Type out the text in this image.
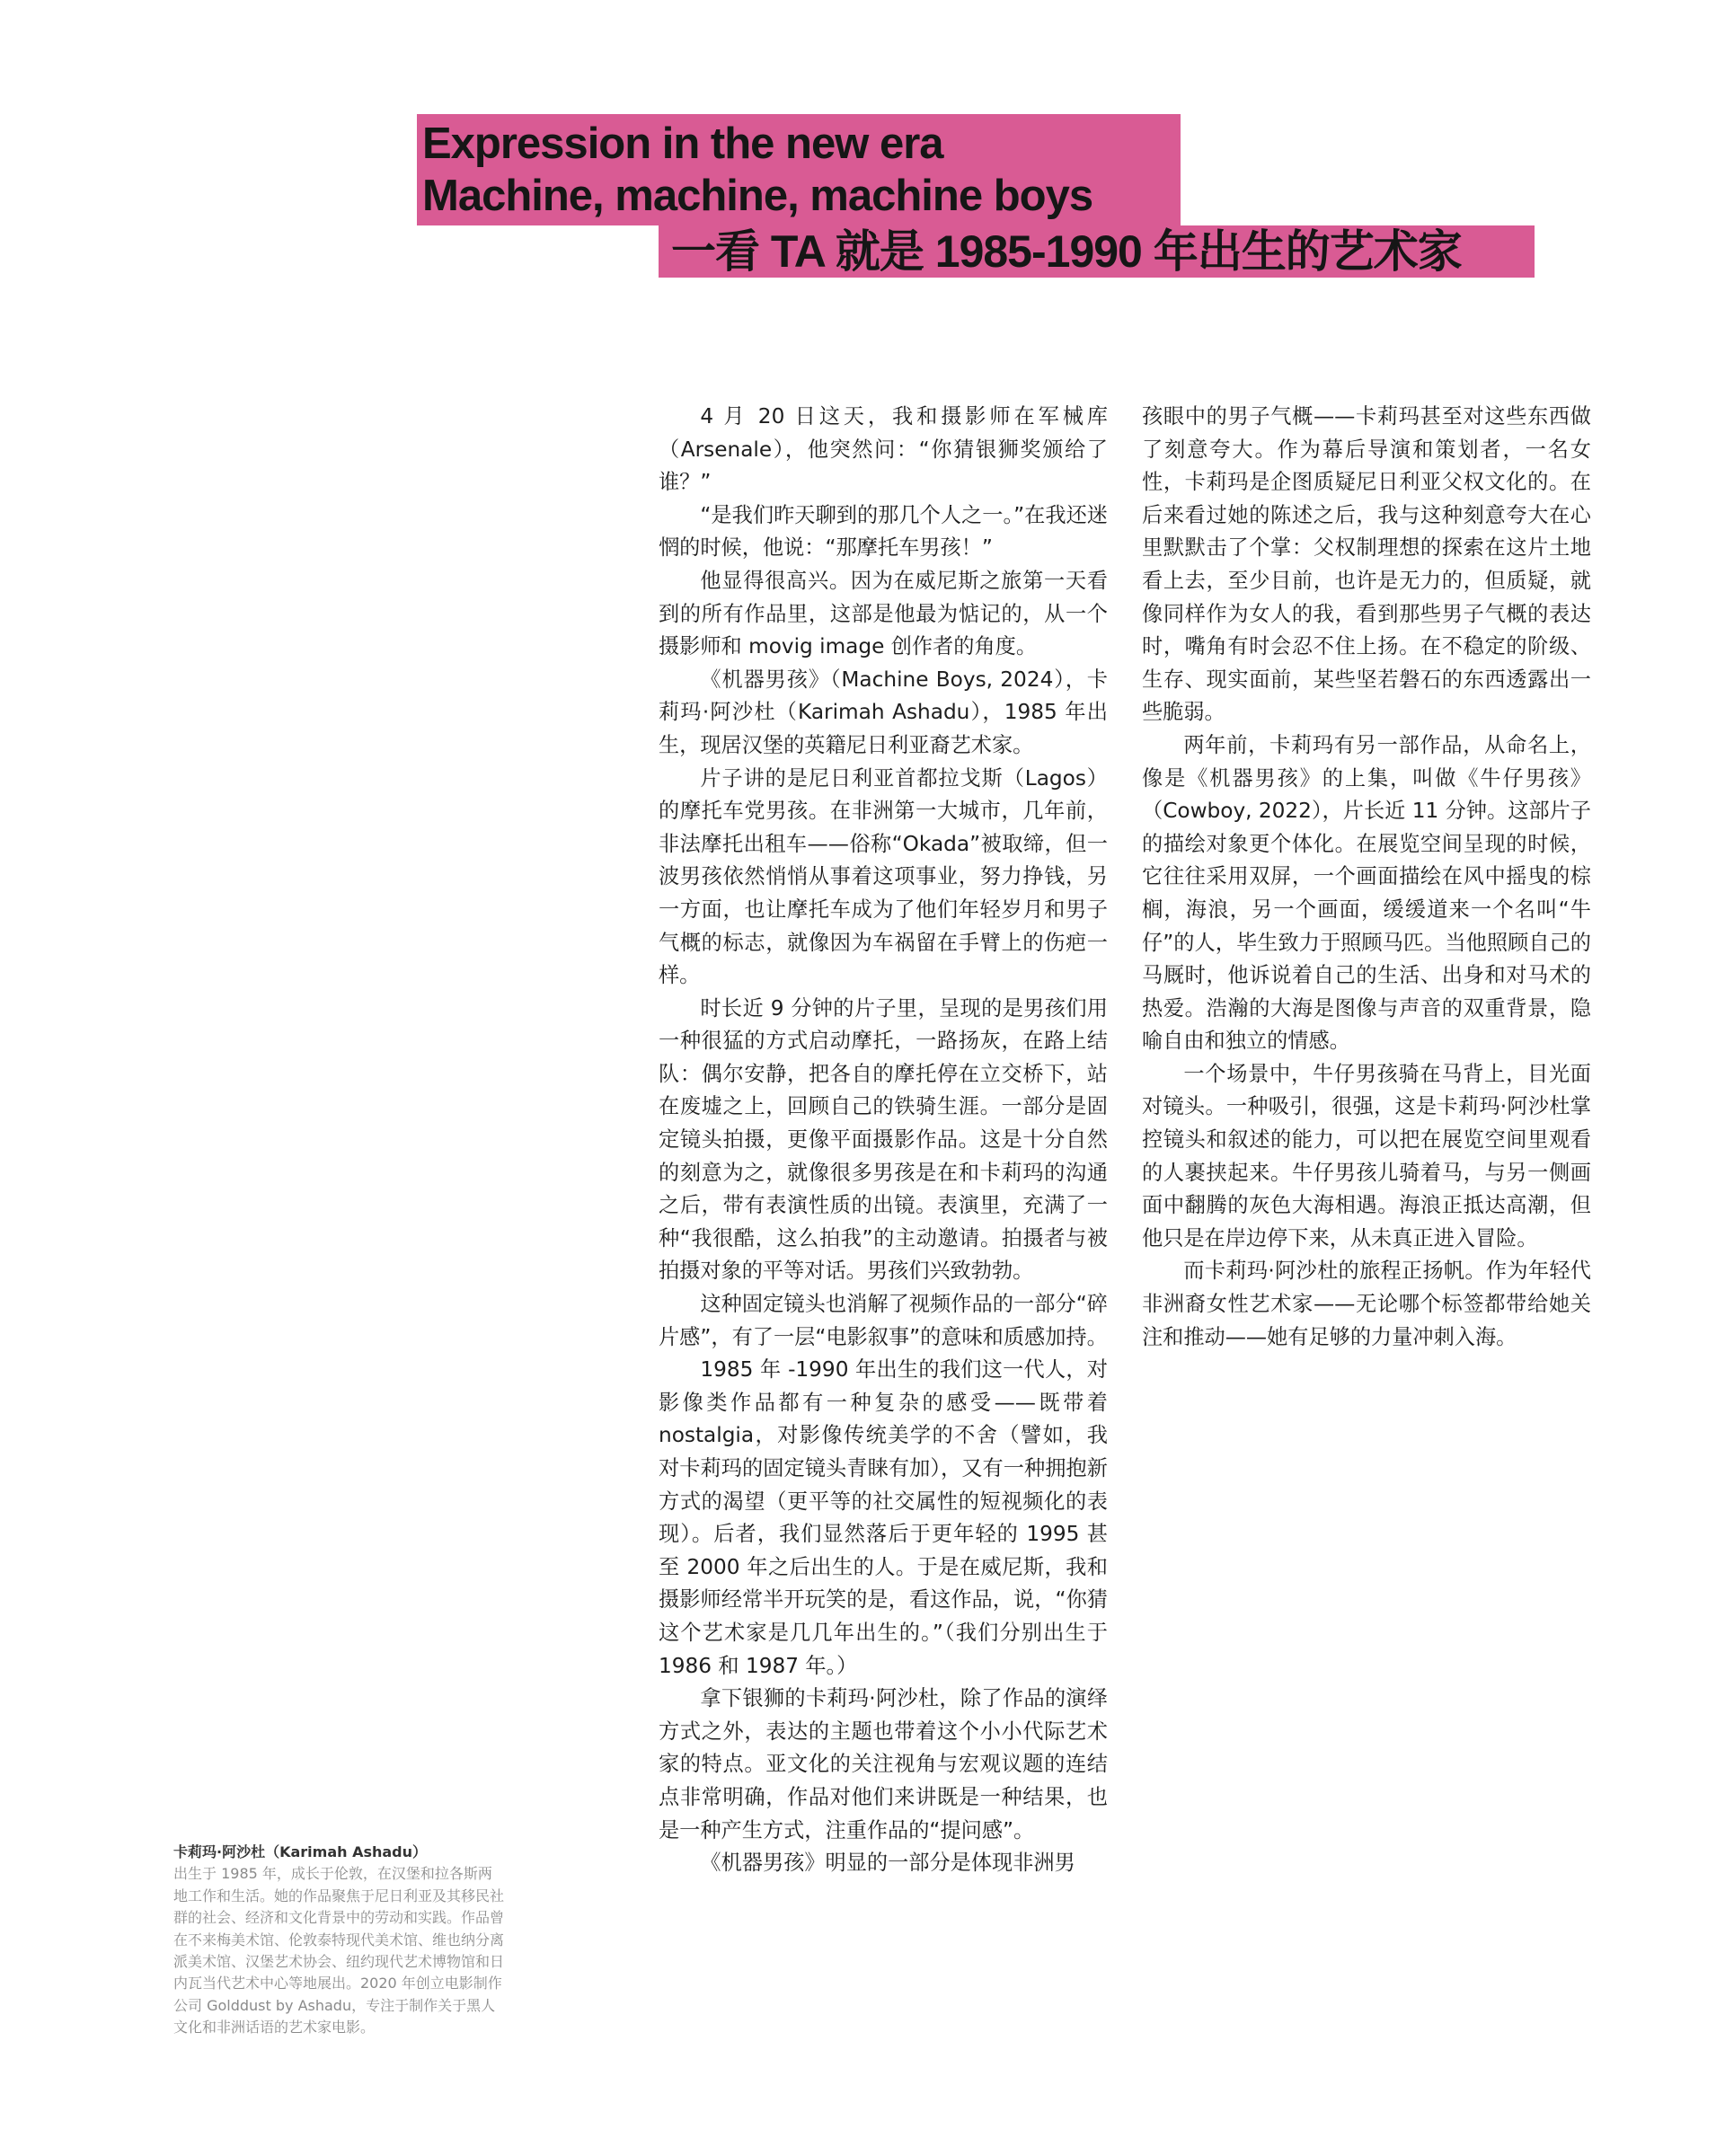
Expression in the new era
Machine, machine, machine boys
一看 TA 就是 1985-1990 年出生的艺术家

4 月 20 日这天，我和摄影师在军械库（Arsenale），他突然问：“你猜银狮奖颁给了谁？”

“是我们昨天聊到的那几个人之一。”在我还迷惘的时候，他说：“那摩托车男孩！”

他显得很高兴。因为在威尼斯之旅第一天看到的所有作品里，这部是他最为惦记的，从一个摄影师和 movig image 创作者的角度。

《机器男孩》（Machine Boys, 2024），卡莉玛·阿沙杜（Karimah Ashadu），1985 年出生，现居汉堡的英籍尼日利亚裔艺术家。

片子讲的是尼日利亚首都拉戈斯（Lagos）的摩托车党男孩。在非洲第一大城市，几年前，非法摩托出租车——俗称“Okada”被取缔，但一波男孩依然悄悄从事着这项事业，努力挣钱，另一方面，也让摩托车成为了他们年轻岁月和男子气概的标志，就像因为车祸留在手臂上的伤疤一样。

时长近 9 分钟的片子里，呈现的是男孩们用一种很猛的方式启动摩托，一路扬灰，在路上结队：偶尔安静，把各自的摩托停在立交桥下，站在废墟之上，回顾自己的铁骑生涯。一部分是固定镜头拍摄，更像平面摄影作品。这是十分自然的刻意为之，就像很多男孩是在和卡莉玛的沟通之后，带有表演性质的出镜。表演里，充满了一种“我很酷，这么拍我”的主动邀请。拍摄者与被拍摄对象的平等对话。男孩们兴致勃勃。

这种固定镜头也消解了视频作品的一部分“碎片感”，有了一层“电影叙事”的意味和质感加持。

1985 年 -1990 年出生的我们这一代人，对影像类作品都有一种复杂的感受——既带着 nostalgia，对影像传统美学的不舍（譬如，我对卡莉玛的固定镜头青睐有加），又有一种拥抱新方式的渴望（更平等的社交属性的短视频化的表现）。后者，我们显然落后于更年轻的 1995 甚至 2000 年之后出生的人。于是在威尼斯，我和摄影师经常半开玩笑的是，看这作品，说，“你猜这个艺术家是几几年出生的。”（我们分别出生于 1986 和 1987 年。）

拿下银狮的卡莉玛·阿沙杜，除了作品的演绎方式之外，表达的主题也带着这个小小代际艺术家的特点。亚文化的关注视角与宏观议题的连结点非常明确，作品对他们来讲既是一种结果，也是一种产生方式，注重作品的“提问感”。

《机器男孩》明显的一部分是体现非洲男

孩眼中的男子气概——卡莉玛甚至对这些东西做了刻意夸大。作为幕后导演和策划者，一名女性，卡莉玛是企图质疑尼日利亚父权文化的。在后来看过她的陈述之后，我与这种刻意夸大在心里默默击了个掌：父权制理想的探索在这片土地看上去，至少目前，也许是无力的，但质疑，就像同样作为女人的我，看到那些男子气概的表达时，嘴角有时会忍不住上扬。在不稳定的阶级、生存、现实面前，某些坚若磐石的东西透露出一些脆弱。

两年前，卡莉玛有另一部作品，从命名上，像是《机器男孩》的上集，叫做《牛仔男孩》（Cowboy, 2022），片长近 11 分钟。这部片子的描绘对象更个体化。在展览空间呈现的时候，它往往采用双屏，一个画面描绘在风中摇曳的棕榈，海浪，另一个画面，缓缓道来一个名叫“牛仔”的人，毕生致力于照顾马匹。当他照顾自己的马厩时，他诉说着自己的生活、出身和对马术的热爱。浩瀚的大海是图像与声音的双重背景，隐喻自由和独立的情感。

一个场景中，牛仔男孩骑在马背上，目光面对镜头。一种吸引，很强，这是卡莉玛·阿沙杜掌控镜头和叙述的能力，可以把在展览空间里观看的人裹挟起来。牛仔男孩儿骑着马，与另一侧画面中翻腾的灰色大海相遇。海浪正抵达高潮，但他只是在岸边停下来，从未真正进入冒险。

而卡莉玛·阿沙杜的旅程正扬帆。作为年轻代非洲裔女性艺术家——无论哪个标签都带给她关注和推动——她有足够的力量冲刺入海。

卡莉玛·阿沙杜（Karimah Ashadu）
出生于 1985 年，成长于伦敦，在汉堡和拉各斯两地工作和生活。她的作品聚焦于尼日利亚及其移民社群的社会、经济和文化背景中的劳动和实践。作品曾在不来梅美术馆、伦敦泰特现代美术馆、维也纳分离派美术馆、汉堡艺术协会、纽约现代艺术博物馆和日内瓦当代艺术中心等地展出。2020 年创立电影制作公司 Golddust by Ashadu，专注于制作关于黑人文化和非洲话语的艺术家电影。
